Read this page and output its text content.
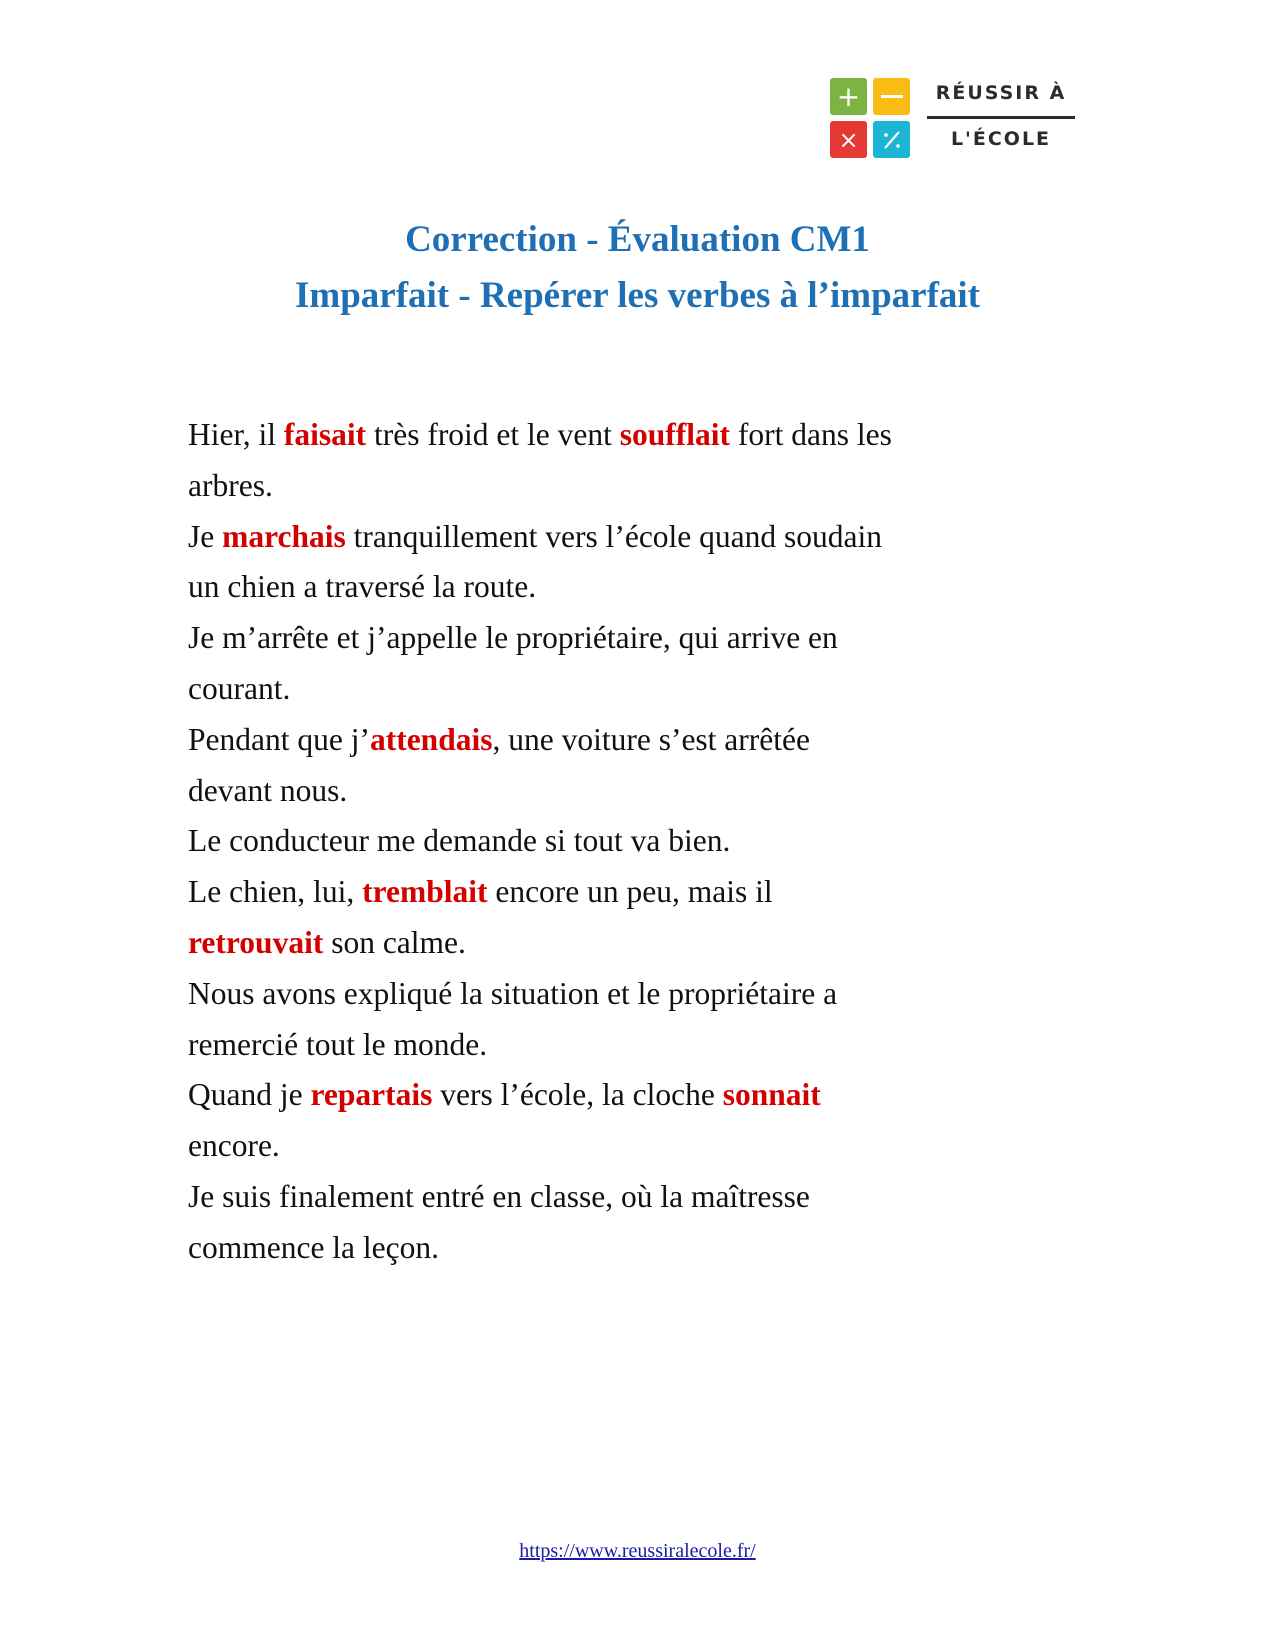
+
×
RÉUSSIR À
L'ÉCOLE
Correction - Évaluation CM1
Imparfait - Repérer les verbes à l’imparfait
Hier, il faisait très froid et le vent soufflait fort dans les
arbres.
Je marchais tranquillement vers l’école quand soudain
un chien a traversé la route.
Je m’arrête et j’appelle le propriétaire, qui arrive en
courant.
Pendant que j’attendais, une voiture s’est arrêtée
devant nous.
Le conducteur me demande si tout va bien.
Le chien, lui, tremblait encore un peu, mais il
retrouvait son calme.
Nous avons expliqué la situation et le propriétaire a
remercié tout le monde.
Quand je repartais vers l’école, la cloche sonnait
encore.
Je suis finalement entré en classe, où la maîtresse
commence la leçon.
https://www.reussiralecole.fr/
